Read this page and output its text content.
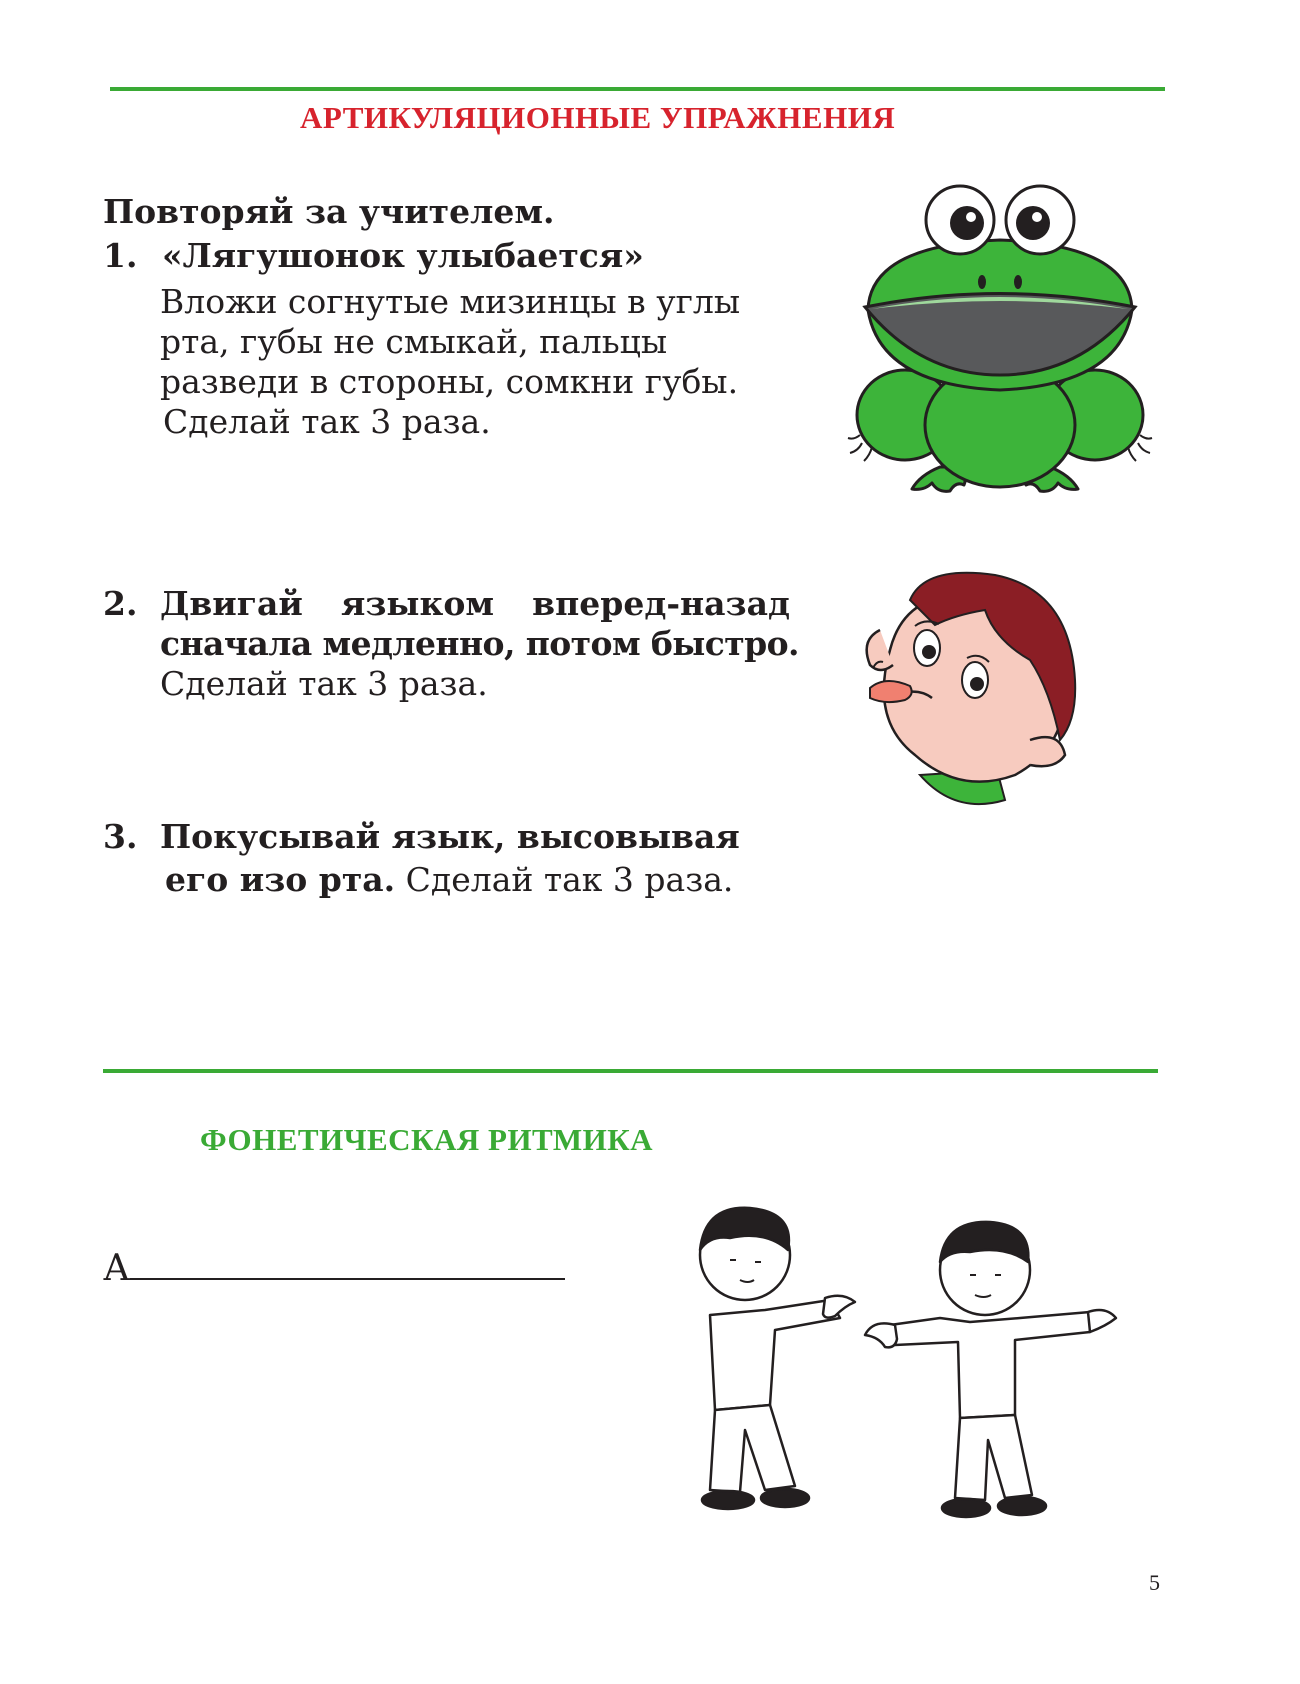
АРТИКУЛЯЦИОННЫЕ УПРАЖНЕНИЯ
Повторяй за учителем.
1. «Лягушонок улыбается»
Вложи согнутые мизинцы в углы
рта, губы не смыкай, пальцы
разведи в стороны, сомкни губы.
Сделай так 3 раза.
2. Двигай языком вперед-назад
сначала медленно, потом быстро.
Сделай так 3 раза.
3. Покусывай язык, высовывая
его изо рта. Сделай так 3 раза.
ФОНЕТИЧЕСКАЯ РИТМИКА
А
5
